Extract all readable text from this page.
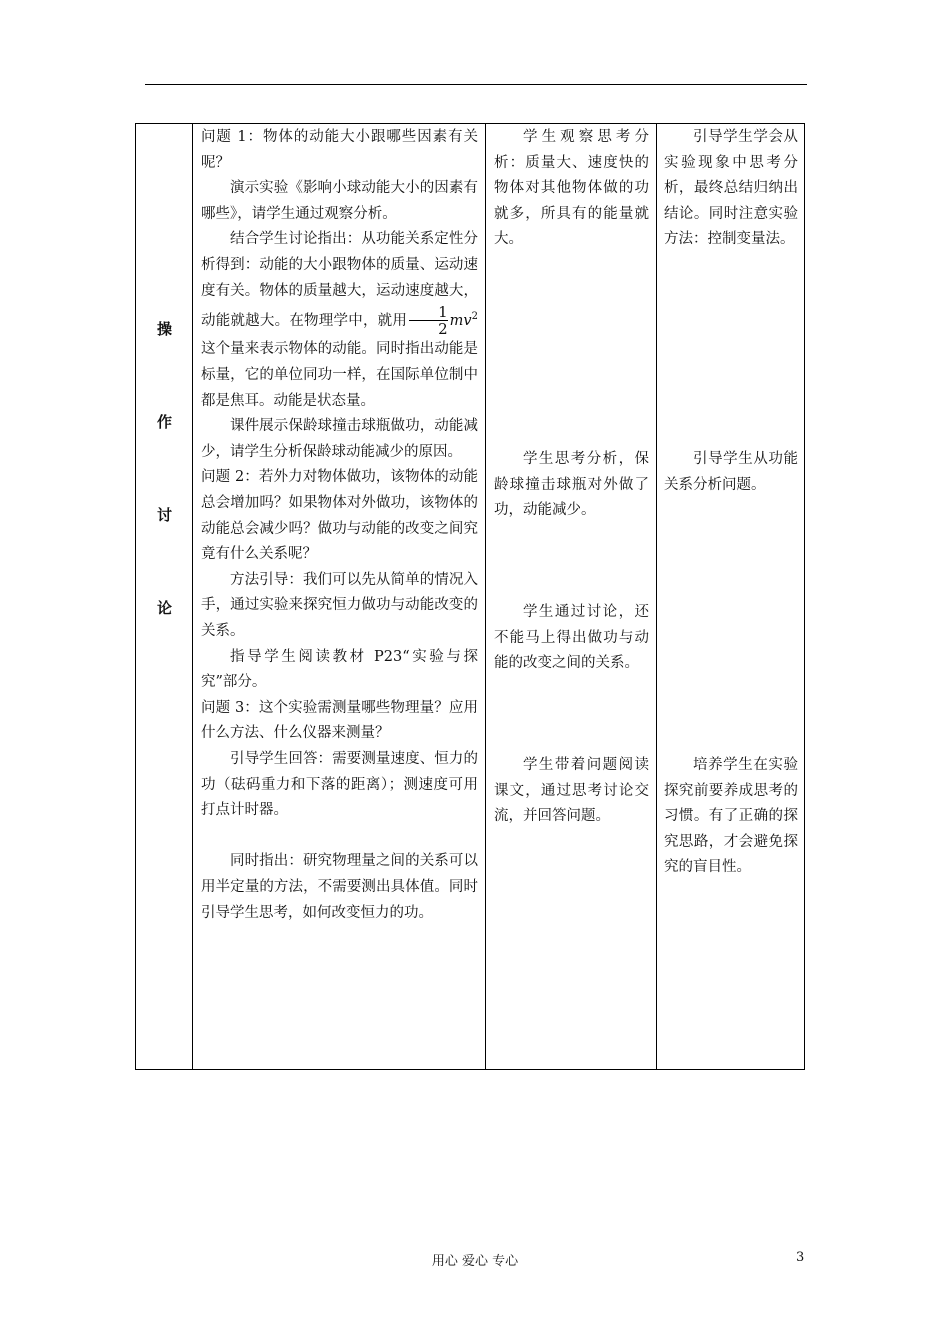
操
作
讨
论

问题 1：物体的动能大小跟哪些因素有关呢？

演示实验《影响小球动能大小的因素有哪些》，请学生通过观察分析。

结合学生讨论指出：从功能关系定性分析得到：动能的大小跟物体的质量、运动速度有关。物体的质量越大，运动速度越大，动能就越大。在物理学中，就用 $\frac{1}{2} mv^2$这个量来表示物体的动能。同时指出动能是标量，它的单位同功一样，在国际单位制中都是焦耳。动能是状态量。

课件展示保龄球撞击球瓶做功，动能减少，请学生分析保龄球动能减少的原因。

问题 2：若外力对物体做功，该物体的动能总会增加吗？如果物体对外做功，该物体的动能总会减少吗？做功与动能的改变之间究竟有什么关系呢？

方法引导：我们可以先从简单的情况入手，通过实验来探究恒力做功与动能改变的关系。

指导学生阅读教材 P23“实验与探究”部分。

问题 3：这个实验需测量哪些物理量？应用什么方法、什么仪器来测量？

引导学生回答：需要测量速度、恒力的功（砝码重力和下落的距离）；测速度可用打点计时器。

同时指出：研究物理量之间的关系可以用半定量的方法，不需要测出具体值。同时引导学生思考，如何改变恒力的功。

学生观察思考分析：质量大、速度快的物体对其他物体做的功就多，所具有的能量就大。

学生思考分析，保龄球撞击球瓶对外做了功，动能减少。

学生通过讨论，还不能马上得出做功与动能的改变之间的关系。

学生带着问题阅读课文，通过思考讨论交流，并回答问题。

引导学生学会从实验现象中思考分析，最终总结归纳出结论。同时注意实验方法：控制变量法。

引导学生从功能关系分析问题。

培养学生在实验探究前要养成思考的习惯。有了正确的探究思路，才会避免探究的盲目性。

用心 爱心 专心	3
